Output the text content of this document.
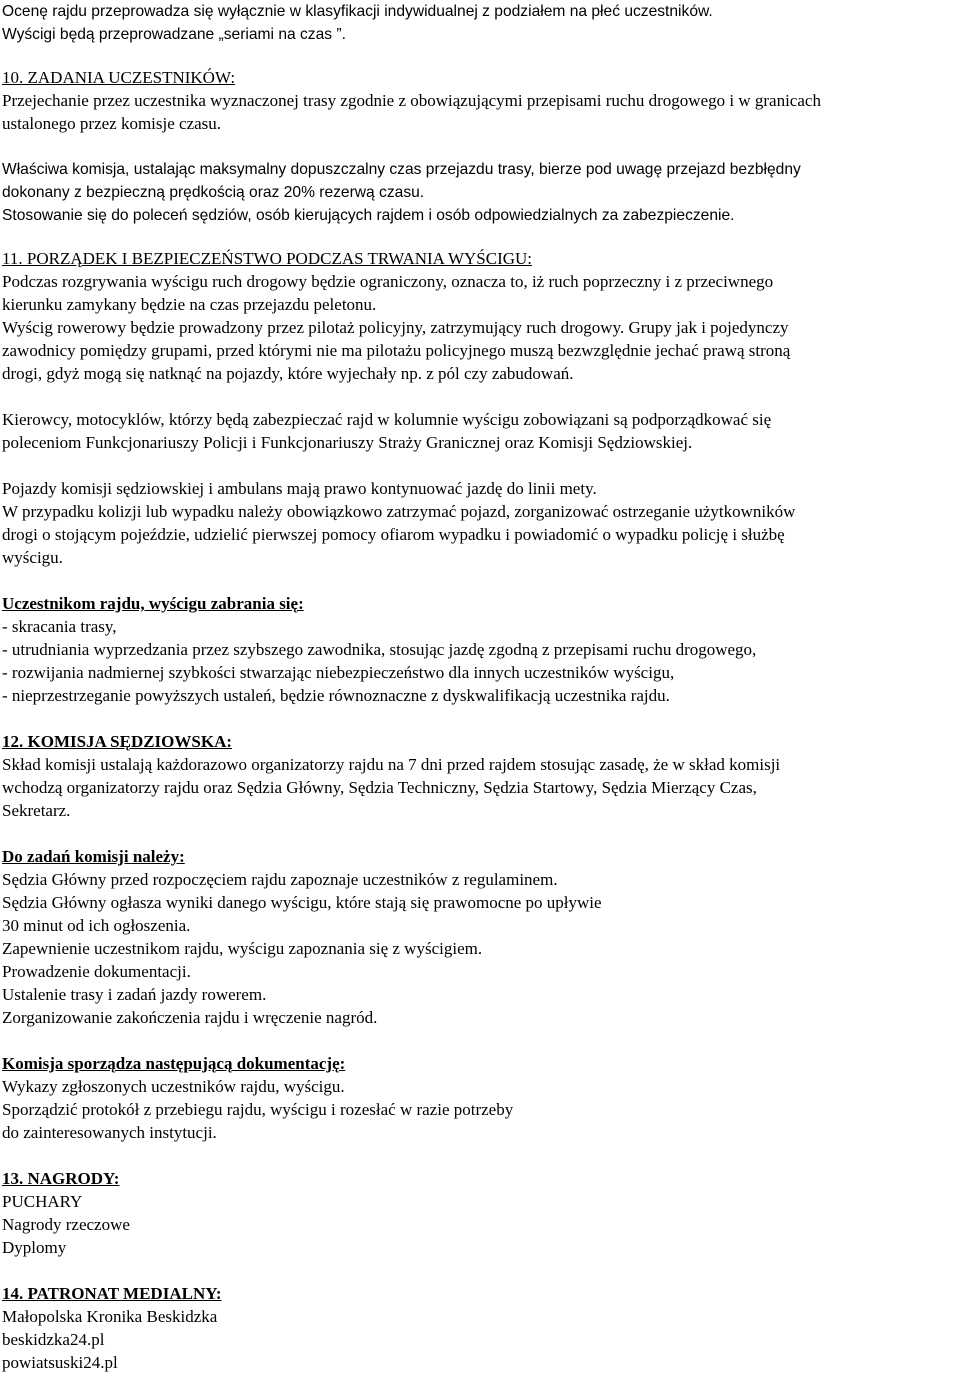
Ocenę rajdu przeprowadza się wyłącznie w klasyfikacji indywidualnej z podziałem na płeć uczestników.

Wyścigi będą przeprowadzane „seriami na czas ”.

10. ZADANIA UCZESTNIKÓW:

Przejechanie przez uczestnika wyznaczonej trasy zgodnie z obowiązującymi przepisami ruchu drogowego i w granicach

ustalonego przez komisje czasu.

Właściwa komisja, ustalając maksymalny dopuszczalny czas przejazdu trasy, bierze pod uwagę przejazd bezbłędny

dokonany z bezpieczną prędkością oraz 20% rezerwą czasu.

Stosowanie się do poleceń sędziów, osób kierujących rajdem i osób odpowiedzialnych za zabezpieczenie.

11. PORZĄDEK I BEZPIECZEŃSTWO PODCZAS TRWANIA WYŚCIGU:

Podczas rozgrywania wyścigu ruch drogowy będzie ograniczony, oznacza to, iż ruch poprzeczny i z przeciwnego

kierunku zamykany będzie na czas przejazdu peletonu.

Wyścig rowerowy będzie prowadzony przez pilotaż policyjny, zatrzymujący ruch drogowy. Grupy jak i pojedynczy

zawodnicy pomiędzy grupami, przed którymi nie ma pilotażu policyjnego muszą bezwzględnie jechać prawą stroną

drogi, gdyż mogą się natknąć na pojazdy, które wyjechały np. z pól czy zabudowań.

Kierowcy, motocyklów, którzy będą zabezpieczać rajd w kolumnie wyścigu zobowiązani są podporządkować się

poleceniom Funkcjonariuszy Policji i Funkcjonariuszy Straży Granicznej oraz Komisji Sędziowskiej.

Pojazdy komisji sędziowskiej i ambulans mają prawo kontynuować jazdę do linii mety.

W przypadku kolizji lub wypadku należy obowiązkowo zatrzymać pojazd, zorganizować ostrzeganie użytkowników

drogi o stojącym pojeździe, udzielić pierwszej pomocy ofiarom wypadku i powiadomić o wypadku policję i służbę

wyścigu.

Uczestnikom rajdu, wyścigu zabrania się:

- skracania trasy,

- utrudniania wyprzedzania przez szybszego zawodnika, stosując jazdę zgodną z przepisami ruchu drogowego,

- rozwijania nadmiernej szybkości stwarzając niebezpieczeństwo dla innych uczestników wyścigu,

- nieprzestrzeganie powyższych ustaleń, będzie równoznaczne z dyskwalifikacją uczestnika rajdu.

12. KOMISJA SĘDZIOWSKA:

Skład komisji ustalają każdorazowo organizatorzy rajdu na 7 dni przed rajdem stosując zasadę, że w skład komisji

wchodzą organizatorzy rajdu oraz Sędzia Główny, Sędzia Techniczny, Sędzia Startowy, Sędzia Mierzący Czas,

Sekretarz.

Do zadań komisji należy:

Sędzia Główny przed rozpoczęciem rajdu zapoznaje uczestników z regulaminem.

Sędzia Główny ogłasza wyniki danego wyścigu, które stają się prawomocne po upływie

30 minut od ich ogłoszenia.

Zapewnienie uczestnikom rajdu, wyścigu zapoznania się z wyścigiem.

Prowadzenie dokumentacji.

Ustalenie trasy i zadań jazdy rowerem.

Zorganizowanie zakończenia rajdu i wręczenie nagród.

Komisja sporządza następującą dokumentację:

Wykazy zgłoszonych uczestników rajdu, wyścigu.

Sporządzić protokół z przebiegu rajdu, wyścigu i rozesłać w razie potrzeby

do zainteresowanych instytucji.

13. NAGRODY:

PUCHARY

Nagrody rzeczowe

Dyplomy

14. PATRONAT MEDIALNY:

Małopolska Kronika Beskidzka

beskidzka24.pl

powiatsuski24.pl
